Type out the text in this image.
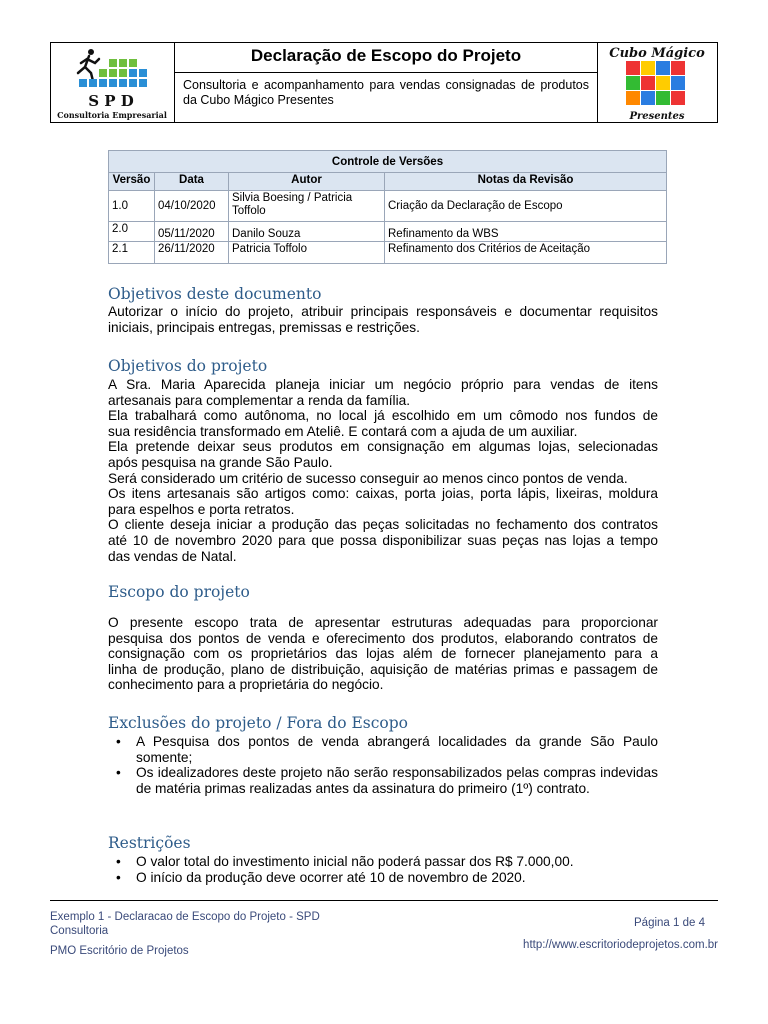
S P D
Consultoria Empresarial
Declaração de Escopo do Projeto
Consultoria e acompanhamento para vendas consignadas de produtos da Cubo Mágico Presentes
Cubo Mágico
Presentes
Controle de Versões			
Versão	Data	Autor	Notas da Revisão
1.0	04/10/2020	Silvia Boesing / Patricia Toffolo	Criação da Declaração de Escopo
2.0	05/11/2020	Danilo Souza	Refinamento da WBS
2.1	26/11/2020	Patricia Toffolo	Refinamento dos Critérios de Aceitação
Objetivos deste documento
Autorizar o início do projeto, atribuir principais responsáveis e documentar requisitos
iniciais, principais entregas, premissas e restrições.
Objetivos do projeto
A Sra. Maria Aparecida planeja iniciar um negócio próprio para vendas de itens
artesanais para complementar a renda da família.
Ela trabalhará como autônoma, no local já escolhido em um cômodo nos fundos de
sua residência transformado em Ateliê. E contará com a ajuda de um auxiliar.
Ela pretende deixar seus produtos em consignação em algumas lojas, selecionadas
após pesquisa na grande São Paulo.
Será considerado um critério de sucesso conseguir ao menos cinco pontos de venda.
Os itens artesanais são artigos como: caixas, porta joias, porta lápis, lixeiras, moldura
para espelhos e porta retratos.
O cliente deseja iniciar a produção das peças solicitadas no fechamento dos contratos
até 10 de novembro 2020 para que possa disponibilizar suas peças nas lojas a tempo
das vendas de Natal.
Escopo do projeto
O presente escopo trata de apresentar estruturas adequadas para proporcionar
pesquisa dos pontos de venda e oferecimento dos produtos, elaborando contratos de
consignação com os proprietários das lojas além de fornecer planejamento para a
linha de produção, plano de distribuição, aquisição de matérias primas e passagem de
conhecimento para a proprietária do negócio.
Exclusões do projeto / Fora do Escopo
• A Pesquisa dos pontos de venda abrangerá localidades da grande São Paulo somente;
• Os idealizadores deste projeto não serão responsabilizados pelas compras indevidas de matéria primas realizadas antes da assinatura do primeiro (1º) contrato.
Restrições
• O valor total do investimento inicial não poderá passar dos R$ 7.000,00.
• O início da produção deve ocorrer até 10 de novembro de 2020.
Exemplo 1 - Declaracao de Escopo do Projeto - SPD
Consultoria
PMO Escritório de Projetos
Página 1 de 4
http://www.escritoriodeprojetos.com.br
